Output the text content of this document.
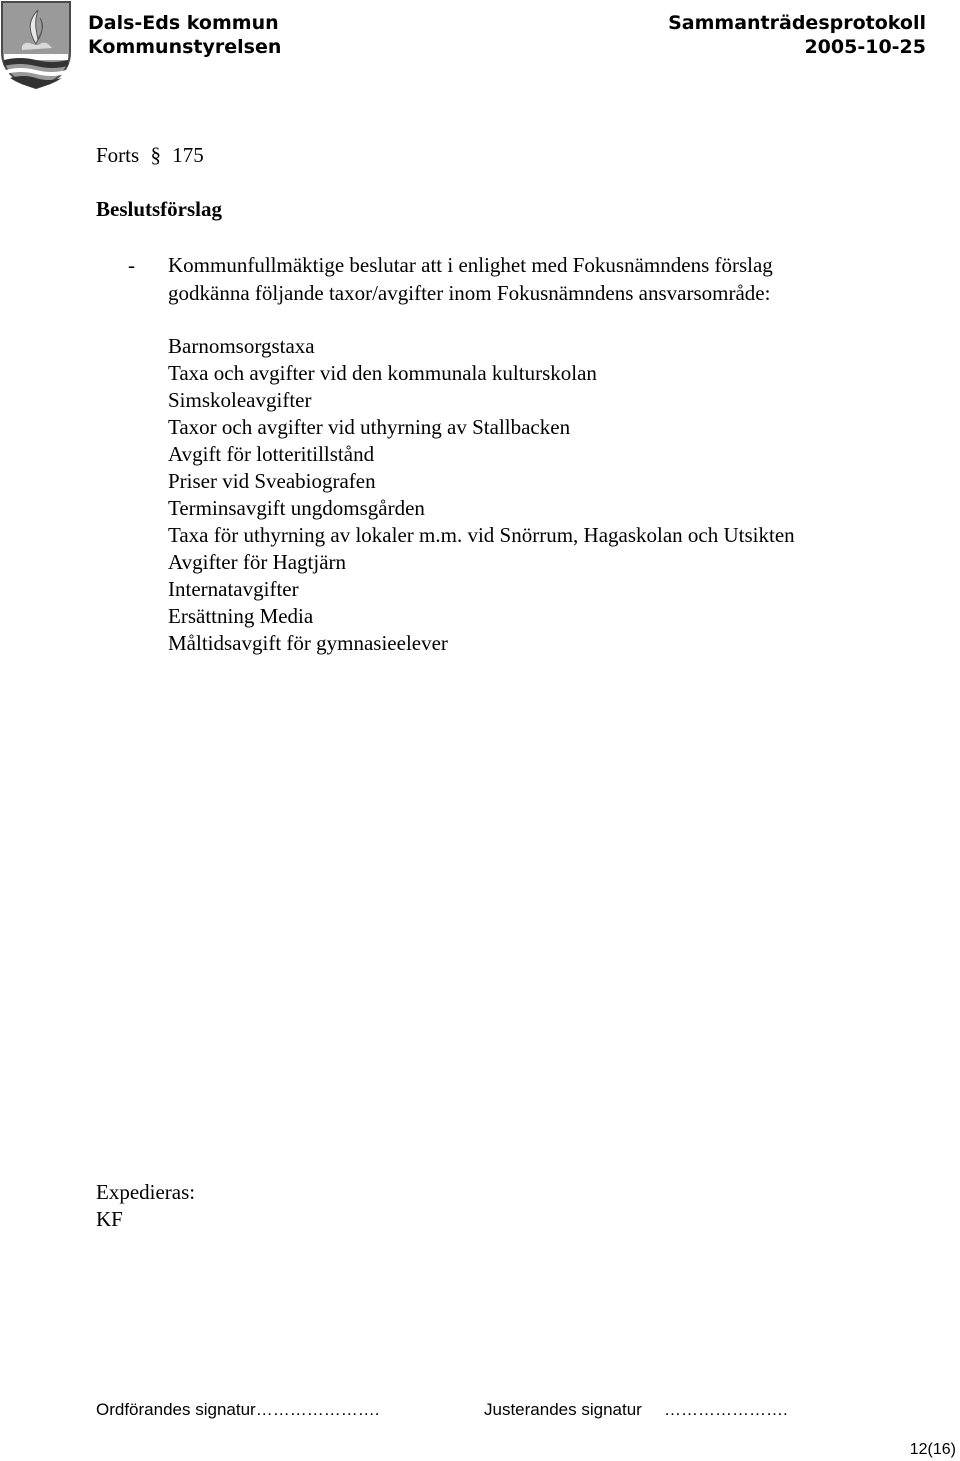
Dals-Eds kommun
Kommunstyrelsen
Sammanträdesprotokoll
2005-10-25
Forts § 175
Beslutsförslag
- Kommunfullmäktige beslutar att i enlighet med Fokusnämndens förslag
godkänna följande taxor/avgifter inom Fokusnämndens ansvarsområde:
Barnomsorgstaxa
Taxa och avgifter vid den kommunala kulturskolan
Simskoleavgifter
Taxor och avgifter vid uthyrning av Stallbacken
Avgift för lotteritillstånd
Priser vid Sveabiografen
Terminsavgift ungdomsgården
Taxa för uthyrning av lokaler m.m. vid Snörrum, Hagaskolan och Utsikten
Avgifter för Hagtjärn
Internatavgifter
Ersättning Media
Måltidsavgift för gymnasieelever
Expedieras:
KF
Ordförandes signatur………………….	Justerandes signatur ………………….
12(16)
